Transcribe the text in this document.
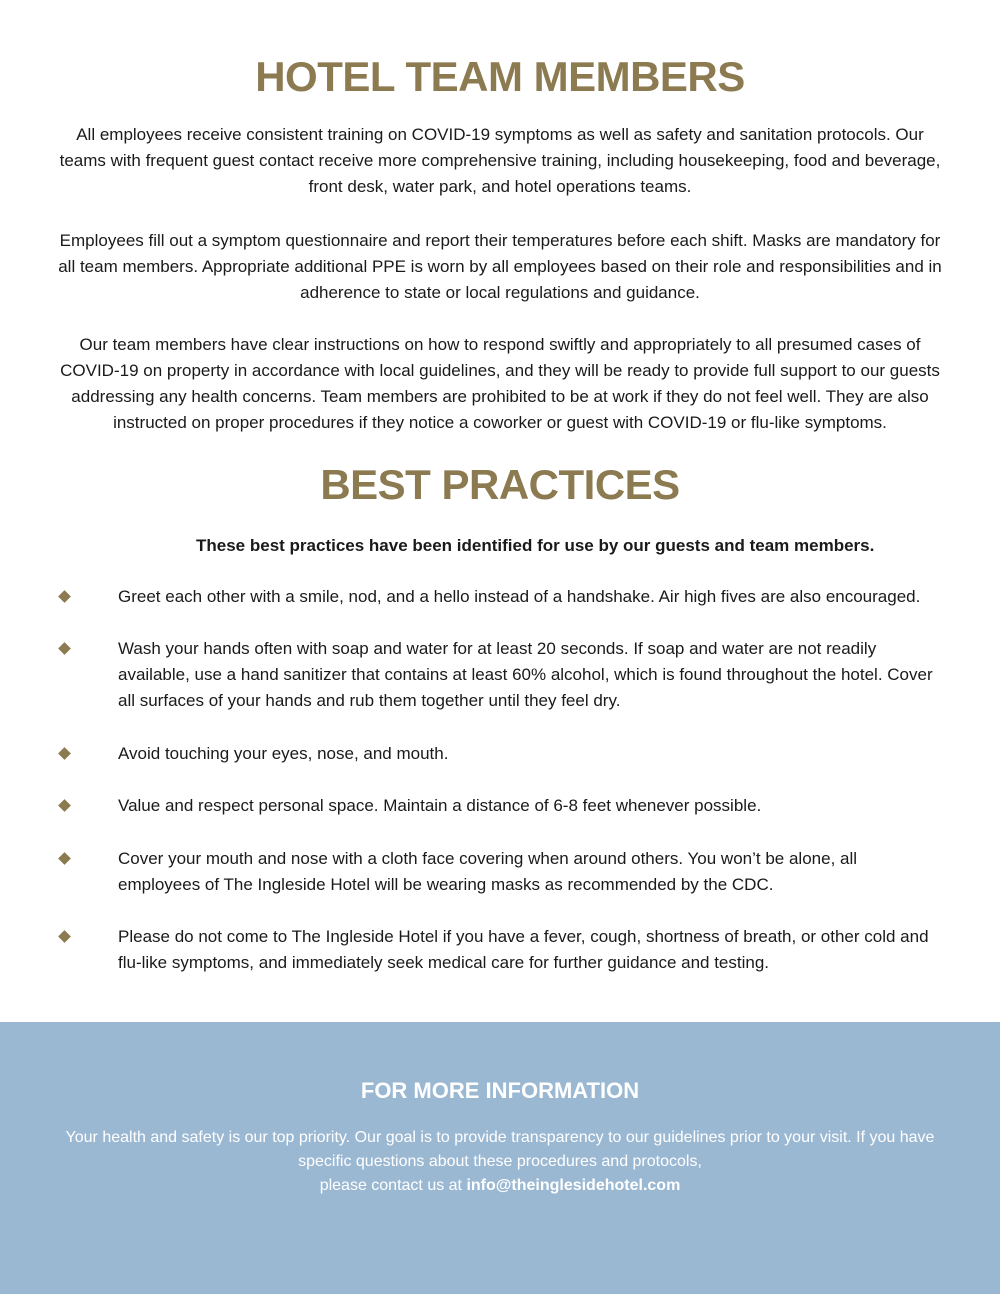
HOTEL TEAM MEMBERS

All employees receive consistent training on COVID-19 symptoms as well as safety and sanitation protocols. Our teams with frequent guest contact receive more comprehensive training, including housekeeping, food and beverage, front desk, water park, and hotel operations teams.

Employees fill out a symptom questionnaire and report their temperatures before each shift. Masks are mandatory for all team members. Appropriate additional PPE is worn by all employees based on their role and responsibilities and in adherence to state or local regulations and guidance.

Our team members have clear instructions on how to respond swiftly and appropriately to all presumed cases of COVID-19 on property in accordance with local guidelines, and they will be ready to provide full support to our guests addressing any health concerns. Team members are prohibited to be at work if they do not feel well. They are also instructed on proper procedures if they notice a coworker or guest with COVID-19 or flu-like symptoms.

BEST PRACTICES

These best practices have been identified for use by our guests and team members.

Greet each other with a smile, nod, and a hello instead of a handshake. Air high fives are also encouraged.

Wash your hands often with soap and water for at least 20 seconds. If soap and water are not readily available, use a hand sanitizer that contains at least 60% alcohol, which is found throughout the hotel. Cover all surfaces of your hands and rub them together until they feel dry.

Avoid touching your eyes, nose, and mouth.

Value and respect personal space. Maintain a distance of 6-8 feet whenever possible.

Cover your mouth and nose with a cloth face covering when around others. You won’t be alone, all employees of The Ingleside Hotel will be wearing masks as recommended by the CDC.

Please do not come to The Ingleside Hotel if you have a fever, cough, shortness of breath, or other cold and flu-like symptoms, and immediately seek medical care for further guidance and testing.

FOR MORE INFORMATION

Your health and safety is our top priority. Our goal is to provide transparency to our guidelines prior to your visit. If you have specific questions about these procedures and protocols,
please contact us at info@theinglesidehotel.com
